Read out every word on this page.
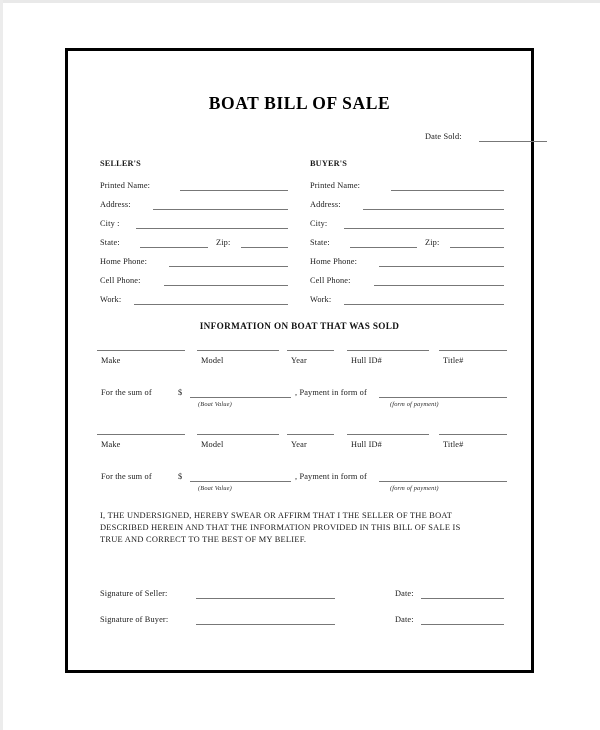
BOAT BILL OF SALE
Date Sold:
SELLER'S
Printed Name:
Address:
City :
State:	Zip:
Home Phone:
Cell Phone:
Work:
BUYER'S
Printed Name:
Address:
City:
State:	Zip:
Home Phone:
Cell Phone:
Work:
INFORMATION ON BOAT THAT WAS SOLD
Make	Model	Year	Hull ID#	Title#
For the sum of	$
(Boat Value)
, Payment in form of
(form of payment)
Make	Model	Year	Hull ID#	Title#
For the sum of	$
(Boat Value)
, Payment in form of
(form of payment)
I, THE UNDERSIGNED, HEREBY SWEAR OR AFFIRM THAT I THE SELLER OF THE BOAT
DESCRIBED HEREIN AND THAT THE INFORMATION PROVIDED IN THIS BILL OF SALE IS
TRUE AND CORRECT TO THE BEST OF MY BELIEF.
Signature of Seller:	Date:
Signature of Buyer:	Date:
